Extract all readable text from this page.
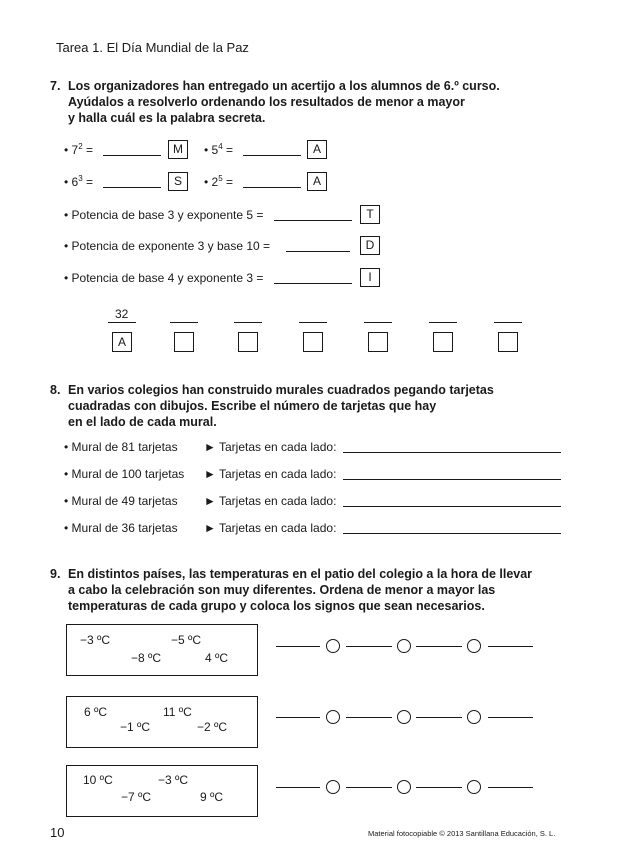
Tarea 1. El Día Mundial de la Paz
7. Los organizadores han entregado un acertijo a los alumnos de 6.º curso.
Ayúdalos a resolverlo ordenando los resultados de menor a mayor
y halla cuál es la palabra secreta.
• $7^2$ =	M	• $5^4$ =	A
• $6^3$ =	S	• $2^5$ =	A
• Potencia de base 3 y exponente 5 =	T
• Potencia de exponente 3 y base 10 =	D
• Potencia de base 4 y exponente 3 =	I
32
A
8. En varios colegios han construido murales cuadrados pegando tarjetas
cuadradas con dibujos. Escribe el número de tarjetas que hay
en el lado de cada mural.
• Mural de 81 tarjetas ► Tarjetas en cada lado:
• Mural de 100 tarjetas ► Tarjetas en cada lado:
• Mural de 49 tarjetas ► Tarjetas en cada lado:
• Mural de 36 tarjetas ► Tarjetas en cada lado:
9. En distintos países, las temperaturas en el patio del colegio a la hora de llevar
a cabo la celebración son muy diferentes. Ordena de menor a mayor las
temperaturas de cada grupo y coloca los signos que sean necesarios.
−3 ºC	−5 ºC
−8 ºC	4 ºC
6 ºC	11 ºC
−1 ºC	−2 ºC
10 ºC	−3 ºC
−7 ºC	9 ºC
10	Material fotocopiable © 2013 Santillana Educación, S. L.
